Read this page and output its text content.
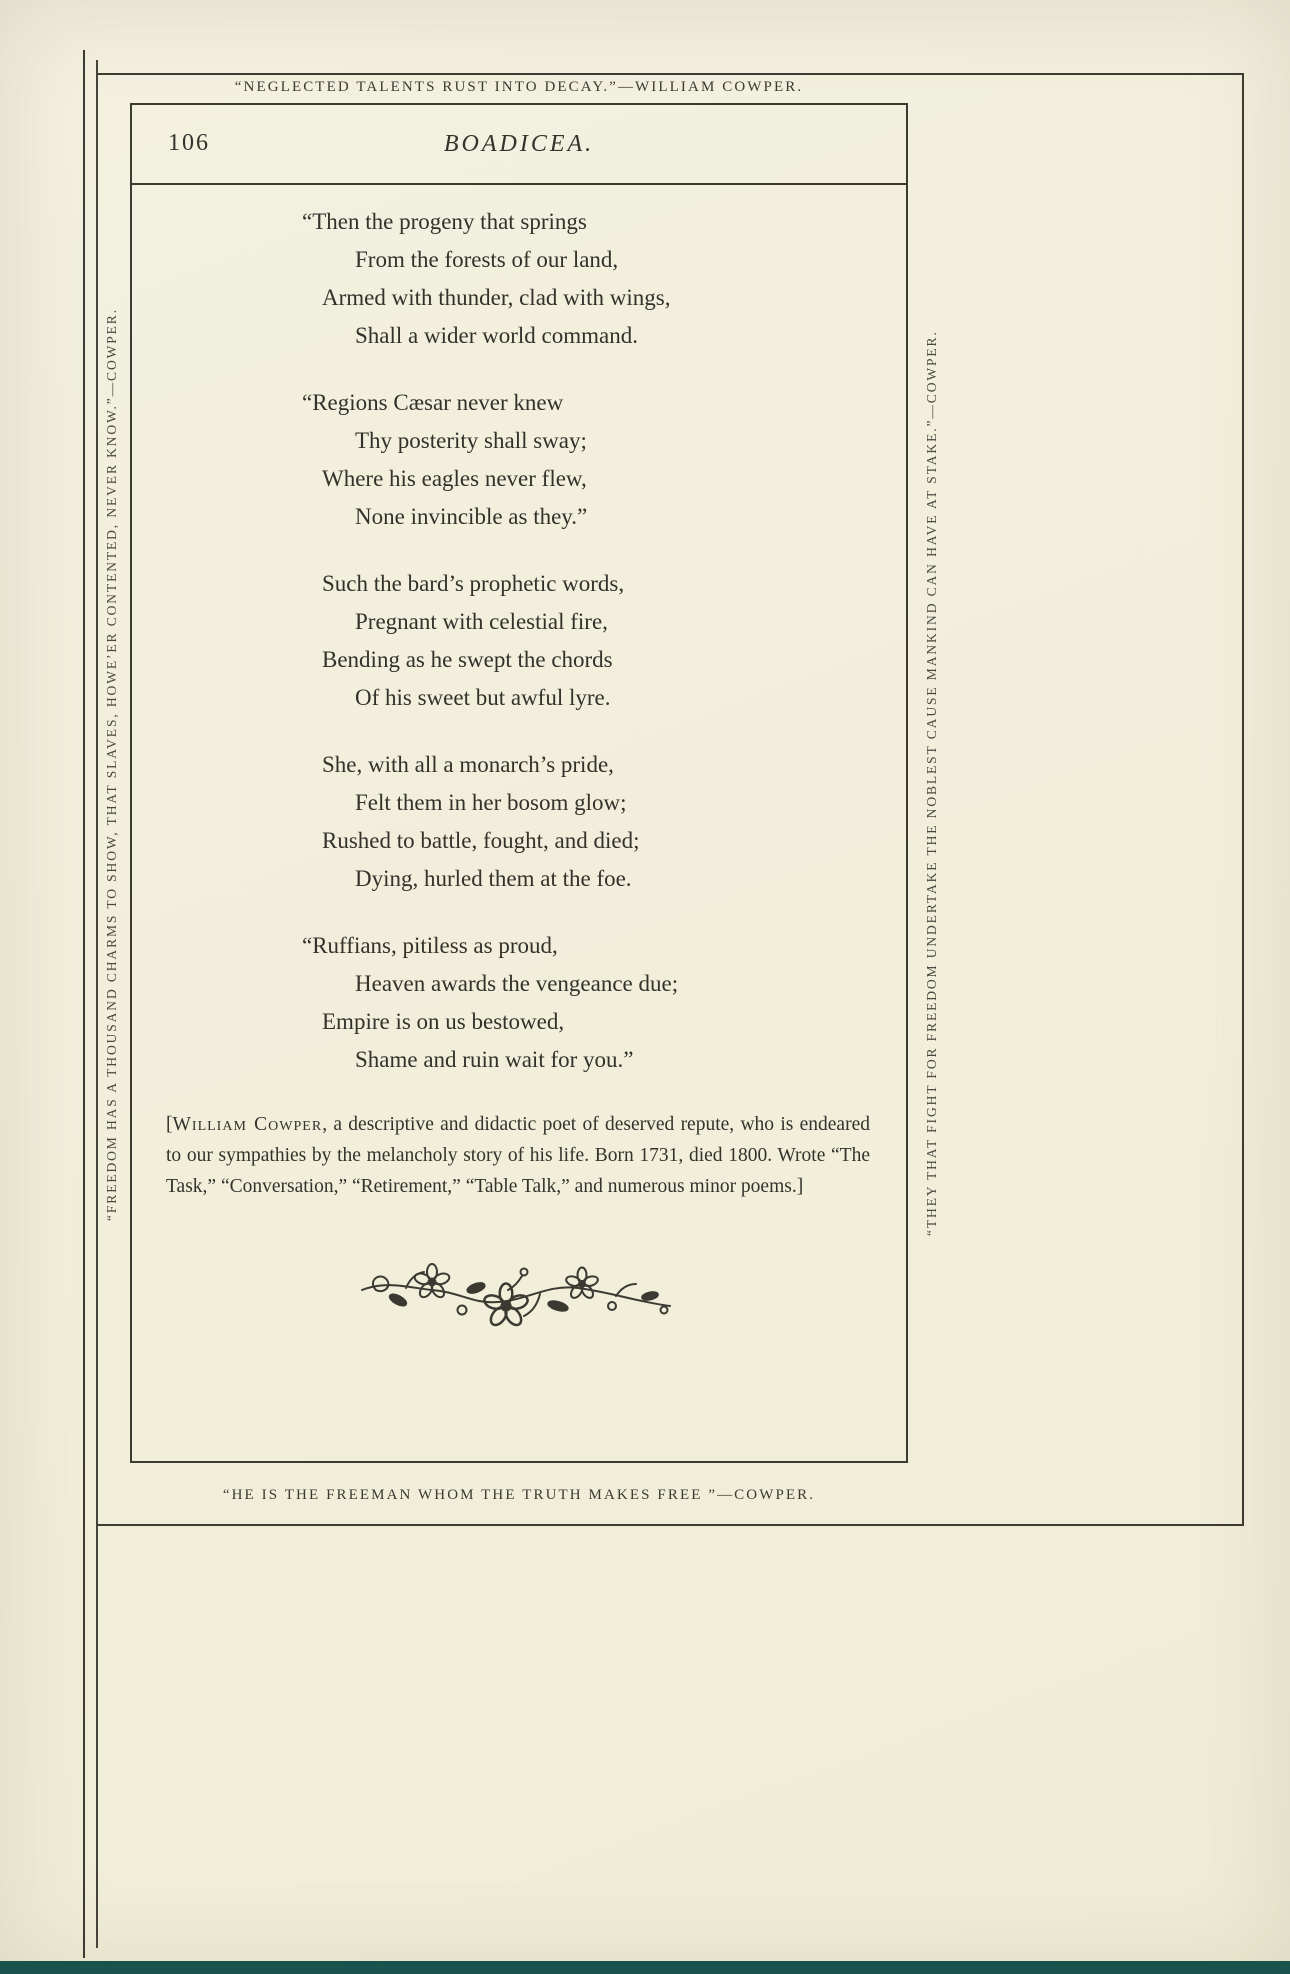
“NEGLECTED TALENTS RUST INTO DECAY.”—WILLIAM COWPER.
“FREEDOM HAS A THOUSAND CHARMS TO SHOW, THAT SLAVES, HOWE’ER CONTENTED, NEVER KNOW.”—COWPER.	“THEY THAT FIGHT FOR FREEDOM UNDERTAKE THE NOBLEST CAUSE MANKIND CAN HAVE AT STAKE.”—COWPER.
106	BOADICEA.
“Then the progeny that springs
From the forests of our land,
Armed with thunder, clad with wings,
Shall a wider world command.
“Regions Cæsar never knew
Thy posterity shall sway;
Where his eagles never flew,
None invincible as they.”
Such the bard’s prophetic words,
Pregnant with celestial fire,
Bending as he swept the chords
Of his sweet but awful lyre.
She, with all a monarch’s pride,
Felt them in her bosom glow;
Rushed to battle, fought, and died;
Dying, hurled them at the foe.
“Ruffians, pitiless as proud,
Heaven awards the vengeance due;
Empire is on us bestowed,
Shame and ruin wait for you.”

[William Cowper, a descriptive and didactic poet of deserved repute, who is endeared to our sympathies by the melancholy story of his life. Born 1731, died 1800. Wrote “The Task,” “Conversation,” “Retirement,” “Table Talk,” and numerous minor poems.]

“HE IS THE FREEMAN WHOM THE TRUTH MAKES FREE ”—COWPER.
